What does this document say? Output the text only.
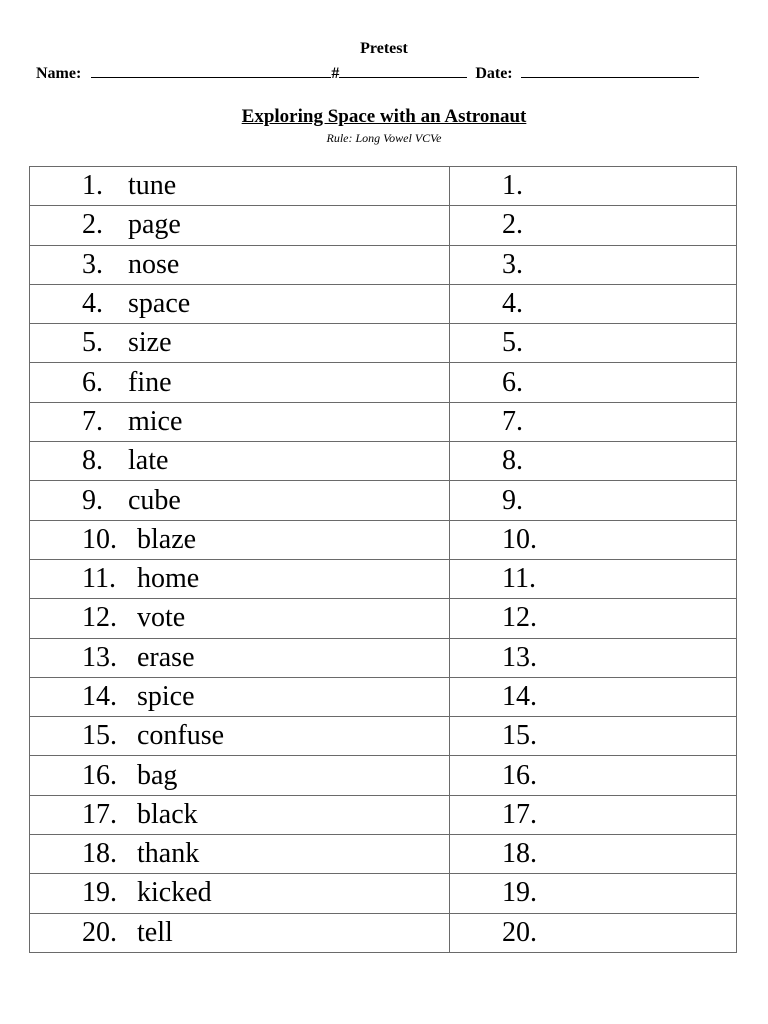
Pretest
Name:	#	Date:
Exploring Space with an Astronaut
Rule: Long Vowel VCVe
1. tune	1.
2. page	2.
3. nose	3.
4. space	4.
5. size	5.
6. fine	6.
7. mice	7.
8. late	8.
9. cube	9.
10. blaze	10.
11. home	11.
12. vote	12.
13. erase	13.
14. spice	14.
15. confuse	15.
16. bag	16.
17. black	17.
18. thank	18.
19. kicked	19.
20. tell	20.
